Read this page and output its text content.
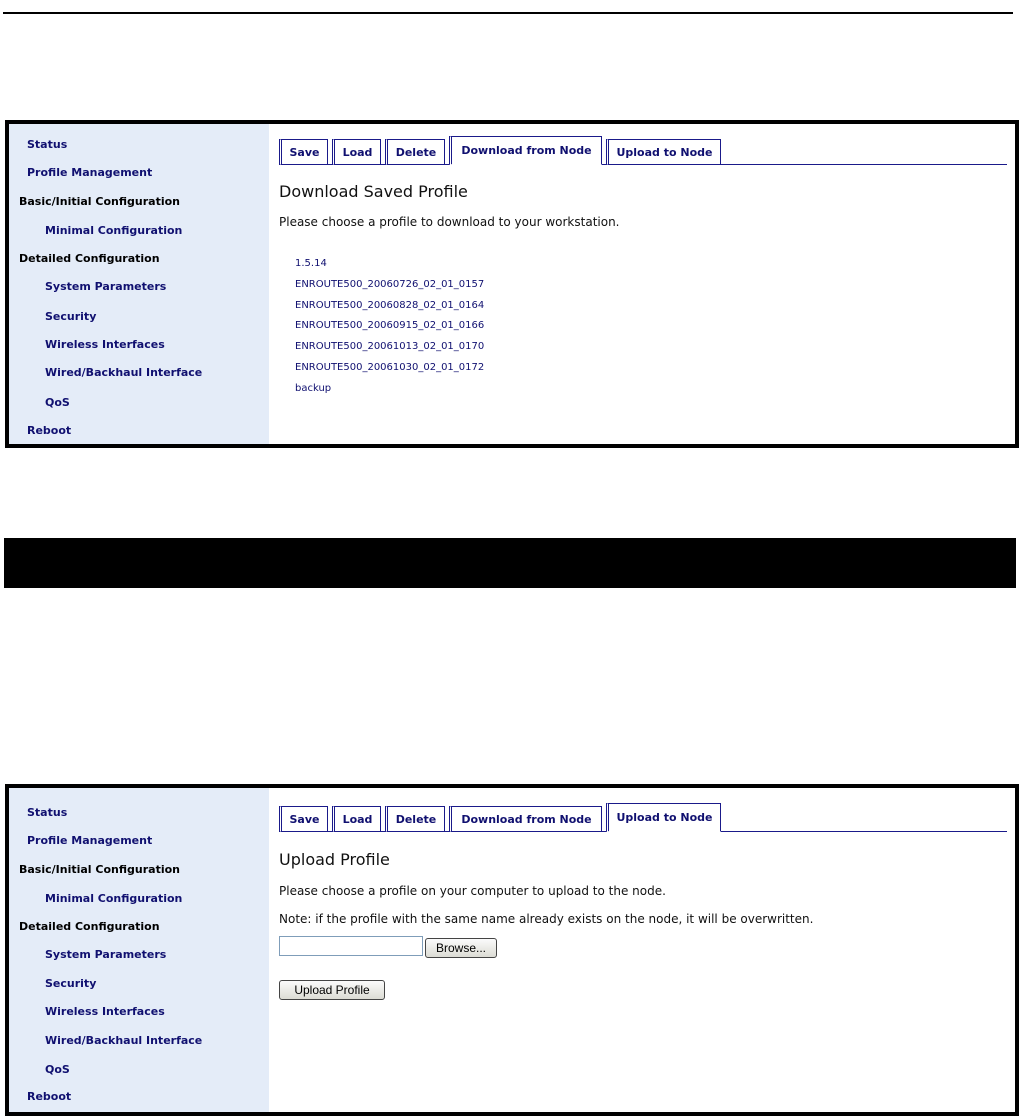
Status
Profile Management
Basic/Initial Configuration
Minimal Configuration
Detailed Configuration
System Parameters
Security
Wireless Interfaces
Wired/Backhaul Interface
QoS
Reboot
Save	Load	Delete	Download from Node	Upload to Node
Download Saved Profile
Please choose a profile to download to your workstation.
1.5.14
ENROUTE500_20060726_02_01_0157
ENROUTE500_20060828_02_01_0164
ENROUTE500_20060915_02_01_0166
ENROUTE500_20061013_02_01_0170
ENROUTE500_20061030_02_01_0172
backup
Status
Profile Management
Basic/Initial Configuration
Minimal Configuration
Detailed Configuration
System Parameters
Security
Wireless Interfaces
Wired/Backhaul Interface
QoS
Reboot
Save	Load	Delete	Download from Node	Upload to Node
Upload Profile
Please choose a profile on your computer to upload to the node.
Note: if the profile with the same name already exists on the node, it will be overwritten.
Browse...
Upload Profile
